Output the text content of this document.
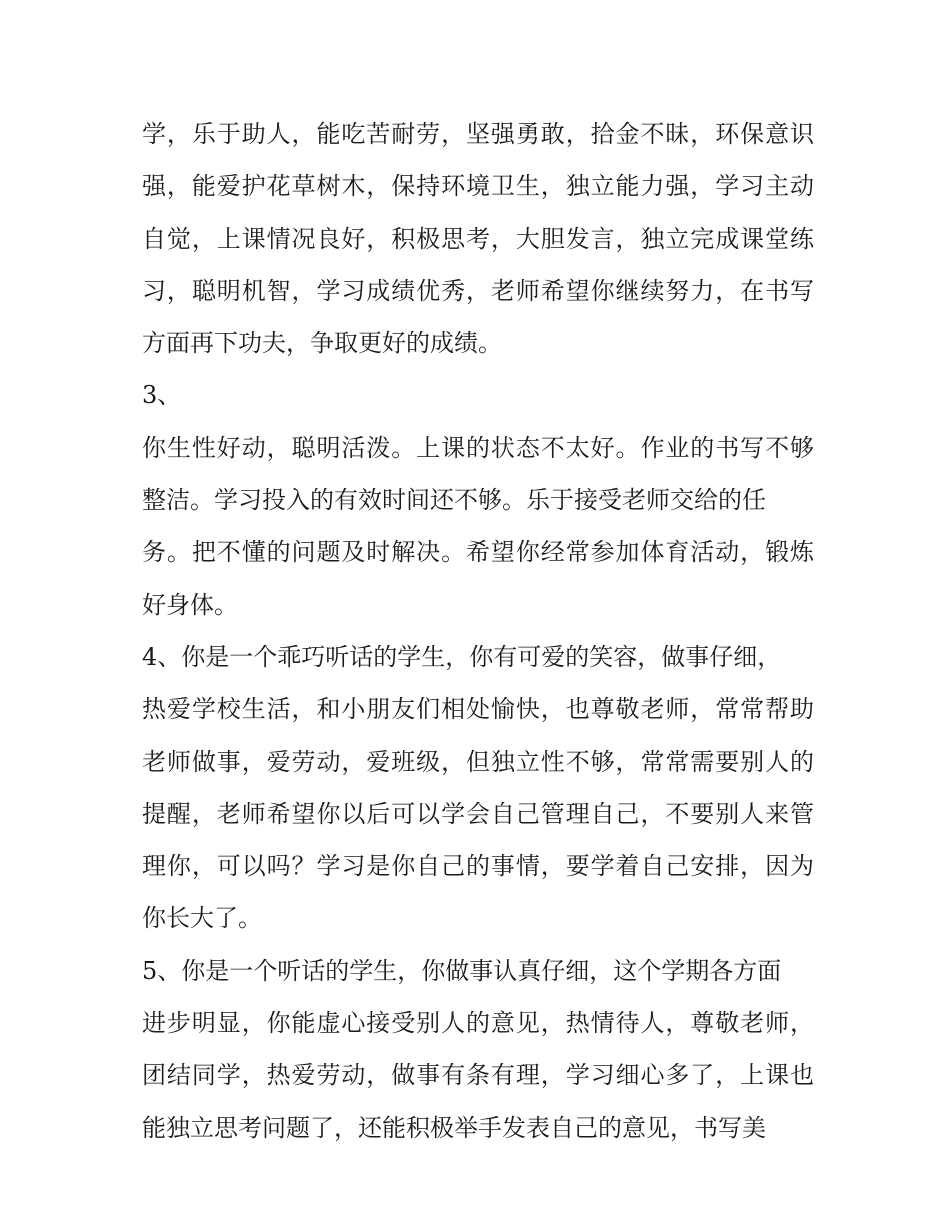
学，乐于助人，能吃苦耐劳，坚强勇敢，拾金不昧，环保意识
强，能爱护花草树木，保持环境卫生，独立能力强，学习主动
自觉，上课情况良好，积极思考，大胆发言，独立完成课堂练
习，聪明机智，学习成绩优秀，老师希望你继续努力，在书写
方面再下功夫，争取更好的成绩。
3、
你生性好动，聪明活泼。上课的状态不太好。作业的书写不够
整洁。学习投入的有效时间还不够。乐于接受老师交给的任
务。把不懂的问题及时解决。希望你经常参加体育活动，锻炼
好身体。
4、你是一个乖巧听话的学生，你有可爱的笑容，做事仔细，
热爱学校生活，和小朋友们相处愉快，也尊敬老师，常常帮助
老师做事，爱劳动，爱班级，但独立性不够，常常需要别人的
提醒，老师希望你以后可以学会自己管理自己，不要别人来管
理你，可以吗？学习是你自己的事情，要学着自己安排，因为
你长大了。
5、你是一个听话的学生，你做事认真仔细，这个学期各方面
进步明显，你能虚心接受别人的意见，热情待人，尊敬老师，
团结同学，热爱劳动，做事有条有理，学习细心多了，上课也
能独立思考问题了，还能积极举手发表自己的意见，书写美
